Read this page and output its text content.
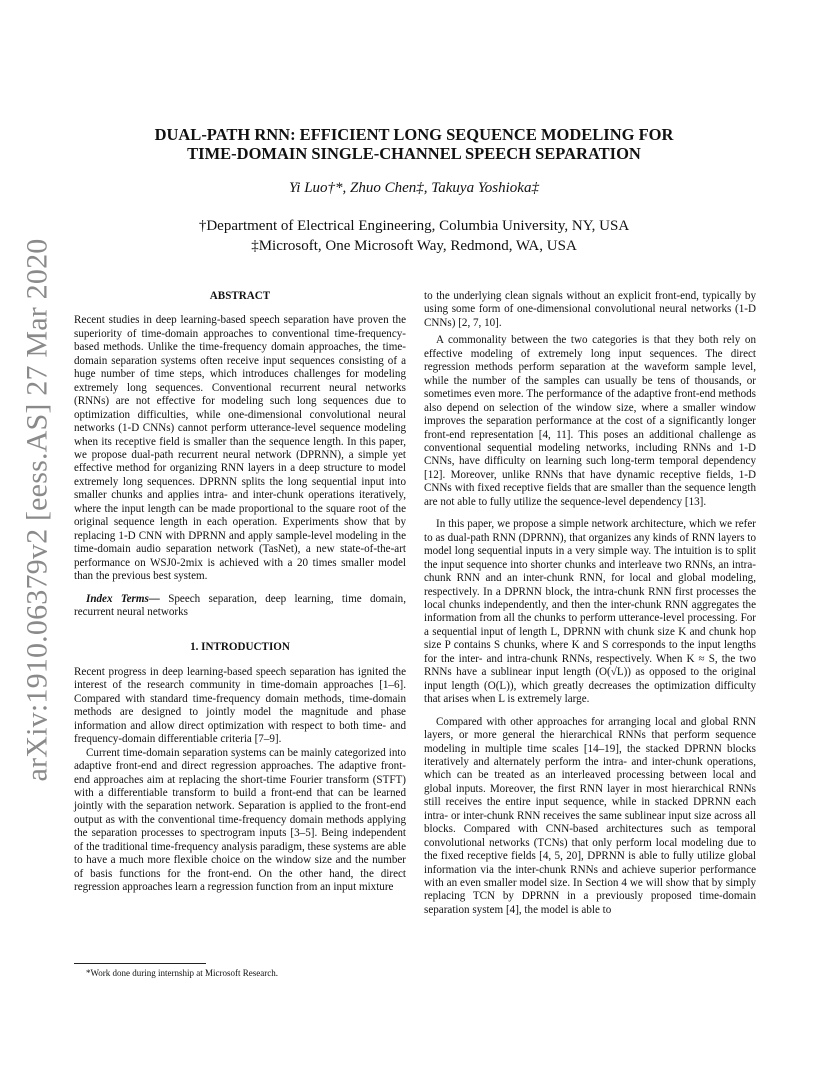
arXiv:1910.06379v2 [eess.AS] 27 Mar 2020
DUAL-PATH RNN: EFFICIENT LONG SEQUENCE MODELING FOR
TIME-DOMAIN SINGLE-CHANNEL SPEECH SEPARATION
Yi Luo†*, Zhuo Chen‡, Takuya Yoshioka‡
†Department of Electrical Engineering, Columbia University, NY, USA
‡Microsoft, One Microsoft Way, Redmond, WA, USA
ABSTRACT

Recent studies in deep learning-based speech separation have proven the superiority of time-domain approaches to conventional time-frequency-based methods. Unlike the time-frequency domain approaches, the time-domain separation systems often receive input sequences consisting of a huge number of time steps, which introduces challenges for modeling extremely long sequences. Conventional recurrent neural networks (RNNs) are not effective for modeling such long sequences due to optimization difficulties, while one-dimensional convolutional neural networks (1-D CNNs) cannot perform utterance-level sequence modeling when its receptive field is smaller than the sequence length. In this paper, we propose dual-path recurrent neural network (DPRNN), a simple yet effective method for organizing RNN layers in a deep structure to model extremely long sequences. DPRNN splits the long sequential input into smaller chunks and applies intra- and inter-chunk operations iteratively, where the input length can be made proportional to the square root of the original sequence length in each operation. Experiments show that by replacing 1-D CNN with DPRNN and apply sample-level modeling in the time-domain audio separation network (TasNet), a new state-of-the-art performance on WSJ0-2mix is achieved with a 20 times smaller model than the previous best system.

Index Terms— Speech separation, deep learning, time domain, recurrent neural networks

1. INTRODUCTION

Recent progress in deep learning-based speech separation has ignited the interest of the research community in time-domain approaches [1–6]. Compared with standard time-frequency domain methods, time-domain methods are designed to jointly model the magnitude and phase information and allow direct optimization with respect to both time- and frequency-domain differentiable criteria [7–9].

Current time-domain separation systems can be mainly categorized into adaptive front-end and direct regression approaches. The adaptive front-end approaches aim at replacing the short-time Fourier transform (STFT) with a differentiable transform to build a front-end that can be learned jointly with the separation network. Separation is applied to the front-end output as with the conventional time-frequency domain methods applying the separation processes to spectrogram inputs [3–5]. Being independent of the traditional time-frequency analysis paradigm, these systems are able to have a much more flexible choice on the window size and the number of basis functions for the front-end. On the other hand, the direct regression approaches learn a regression function from an input mixture

*Work done during internship at Microsoft Research.

to the underlying clean signals without an explicit front-end, typically by using some form of one-dimensional convolutional neural networks (1-D CNNs) [2, 7, 10].

A commonality between the two categories is that they both rely on effective modeling of extremely long input sequences. The direct regression methods perform separation at the waveform sample level, while the number of the samples can usually be tens of thousands, or sometimes even more. The performance of the adaptive front-end methods also depend on selection of the window size, where a smaller window improves the separation performance at the cost of a significantly longer front-end representation [4, 11]. This poses an additional challenge as conventional sequential modeling networks, including RNNs and 1-D CNNs, have difficulty on learning such long-term temporal dependency [12]. Moreover, unlike RNNs that have dynamic receptive fields, 1-D CNNs with fixed receptive fields that are smaller than the sequence length are not able to fully utilize the sequence-level dependency [13].

In this paper, we propose a simple network architecture, which we refer to as dual-path RNN (DPRNN), that organizes any kinds of RNN layers to model long sequential inputs in a very simple way. The intuition is to split the input sequence into shorter chunks and interleave two RNNs, an intra-chunk RNN and an inter-chunk RNN, for local and global modeling, respectively. In a DPRNN block, the intra-chunk RNN first processes the local chunks independently, and then the inter-chunk RNN aggregates the information from all the chunks to perform utterance-level processing. For a sequential input of length L, DPRNN with chunk size K and chunk hop size P contains S chunks, where K and S corresponds to the input lengths for the inter- and intra-chunk RNNs, respectively. When K ≈ S, the two RNNs have a sublinear input length (O(√L)) as opposed to the original input length (O(L)), which greatly decreases the optimization difficulty that arises when L is extremely large.

Compared with other approaches for arranging local and global RNN layers, or more general the hierarchical RNNs that perform sequence modeling in multiple time scales [14–19], the stacked DPRNN blocks iteratively and alternately perform the intra- and inter-chunk operations, which can be treated as an interleaved processing between local and global inputs. Moreover, the first RNN layer in most hierarchical RNNs still receives the entire input sequence, while in stacked DPRNN each intra- or inter-chunk RNN receives the same sublinear input size across all blocks. Compared with CNN-based architectures such as temporal convolutional networks (TCNs) that only perform local modeling due to the fixed receptive fields [4, 5, 20], DPRNN is able to fully utilize global information via the inter-chunk RNNs and achieve superior performance with an even smaller model size. In Section 4 we will show that by simply replacing TCN by DPRNN in a previously proposed time-domain separation system [4], the model is able to
